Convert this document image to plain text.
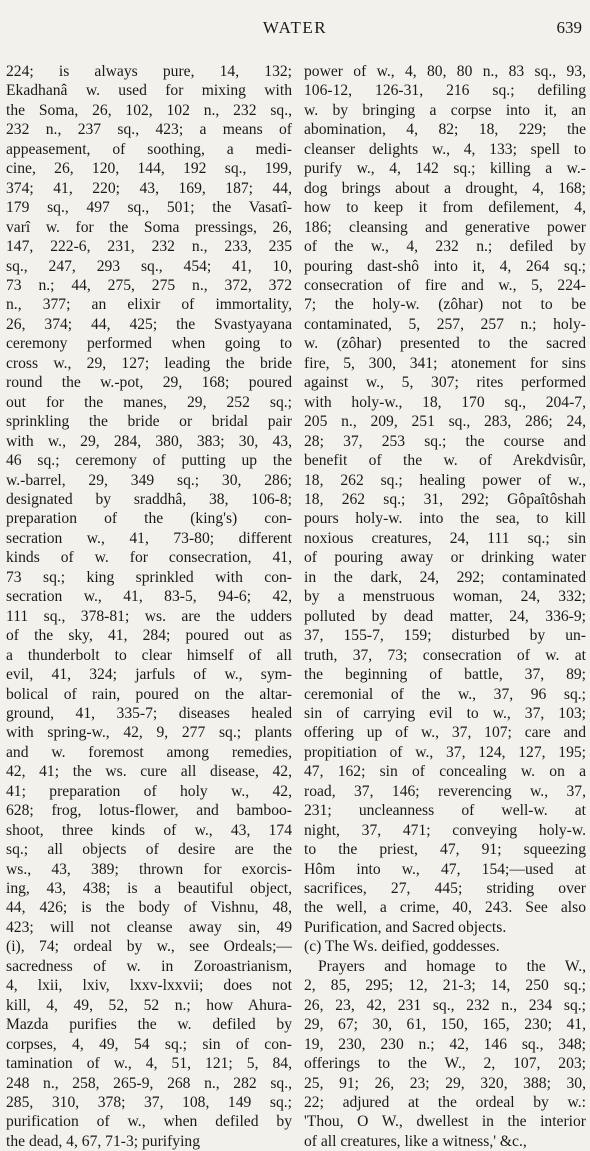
WATER	639
224; is always pure, 14, 132;
Ekadhanâ w. used for mixing with
the Soma, 26, 102, 102 n., 232 sq.,
232 n., 237 sq., 423; a means of
appeasement, of soothing, a medi-
cine, 26, 120, 144, 192 sq., 199,
374; 41, 220; 43, 169, 187; 44,
179 sq., 497 sq., 501; the Vasatî-
varî w. for the Soma pressings, 26,
147, 222-6, 231, 232 n., 233, 235
sq., 247, 293 sq., 454; 41, 10,
73 n.; 44, 275, 275 n., 372, 372
n., 377; an elixir of immortality,
26, 374; 44, 425; the Svastyayana
ceremony performed when going to
cross w., 29, 127; leading the bride
round the w.-pot, 29, 168; poured
out for the manes, 29, 252 sq.;
sprinkling the bride or bridal pair
with w., 29, 284, 380, 383; 30, 43,
46 sq.; ceremony of putting up the
w.-barrel, 29, 349 sq.; 30, 286;
designated by sraddhâ, 38, 106-8;
preparation of the (king's) con-
secration w., 41, 73-80; different
kinds of w. for consecration, 41,
73 sq.; king sprinkled with con-
secration w., 41, 83-5, 94-6; 42,
111 sq., 378-81; ws. are the udders
of the sky, 41, 284; poured out as
a thunderbolt to clear himself of all
evil, 41, 324; jarfuls of w., sym-
bolical of rain, poured on the altar-
ground, 41, 335-7; diseases healed
with spring-w., 42, 9, 277 sq.; plants
and w. foremost among remedies,
42, 41; the ws. cure all disease, 42,
41; preparation of holy w., 42,
628; frog, lotus-flower, and bamboo-
shoot, three kinds of w., 43, 174
sq.; all objects of desire are the
ws., 43, 389; thrown for exorcis-
ing, 43, 438; is a beautiful object,
44, 426; is the body of Vishnu, 48,
423; will not cleanse away sin, 49
(i), 74; ordeal by w., see Ordeals;—
sacredness of w. in Zoroastrianism,
4, lxii, lxiv, lxxv-lxxvii; does not
kill, 4, 49, 52, 52 n.; how Ahura-
Mazda purifies the w. defiled by
corpses, 4, 49, 54 sq.; sin of con-
tamination of w., 4, 51, 121; 5, 84,
248 n., 258, 265-9, 268 n., 282 sq.,
285, 310, 378; 37, 108, 149 sq.;
purification of w., when defiled by
the dead, 4, 67, 71-3; purifying
power of w., 4, 80, 80 n., 83 sq., 93,
106-12, 126-31, 216 sq.; defiling
w. by bringing a corpse into it, an
abomination, 4, 82; 18, 229; the
cleanser delights w., 4, 133; spell to
purify w., 4, 142 sq.; killing a w.-
dog brings about a drought, 4, 168;
how to keep it from defilement, 4,
186; cleansing and generative power
of the w., 4, 232 n.; defiled by
pouring dast-shô into it, 4, 264 sq.;
consecration of fire and w., 5, 224-
7; the holy-w. (zôhar) not to be
contaminated, 5, 257, 257 n.; holy-
w. (zôhar) presented to the sacred
fire, 5, 300, 341; atonement for sins
against w., 5, 307; rites performed
with holy-w., 18, 170 sq., 204-7,
205 n., 209, 251 sq., 283, 286; 24,
28; 37, 253 sq.; the course and
benefit of the w. of Arekdvisûr,
18, 262 sq.; healing power of w.,
18, 262 sq.; 31, 292; Gôpaîtôshah
pours holy-w. into the sea, to kill
noxious creatures, 24, 111 sq.; sin
of pouring away or drinking water
in the dark, 24, 292; contaminated
by a menstruous woman, 24, 332;
polluted by dead matter, 24, 336-9;
37, 155-7, 159; disturbed by un-
truth, 37, 73; consecration of w. at
the beginning of battle, 37, 89;
ceremonial of the w., 37, 96 sq.;
sin of carrying evil to w., 37, 103;
offering up of w., 37, 107; care and
propitiation of w., 37, 124, 127, 195;
47, 162; sin of concealing w. on a
road, 37, 146; reverencing w., 37,
231; uncleanness of well-w. at
night, 37, 471; conveying holy-w.
to the priest, 47, 91; squeezing
Hôm into w., 47, 154;—used at
sacrifices, 27, 445; striding over
the well, a crime, 40, 243. See also
Purification, and Sacred objects.
(c) The Ws. deified, goddesses.
Prayers and homage to the W.,
2, 85, 295; 12, 21-3; 14, 250 sq.;
26, 23, 42, 231 sq., 232 n., 234 sq.;
29, 67; 30, 61, 150, 165, 230; 41,
19, 230, 230 n.; 42, 146 sq., 348;
offerings to the W., 2, 107, 203;
25, 91; 26, 23; 29, 320, 388; 30,
22; adjured at the ordeal by w.:
'Thou, O W., dwellest in the interior
of all creatures, like a witness,' &c.,
